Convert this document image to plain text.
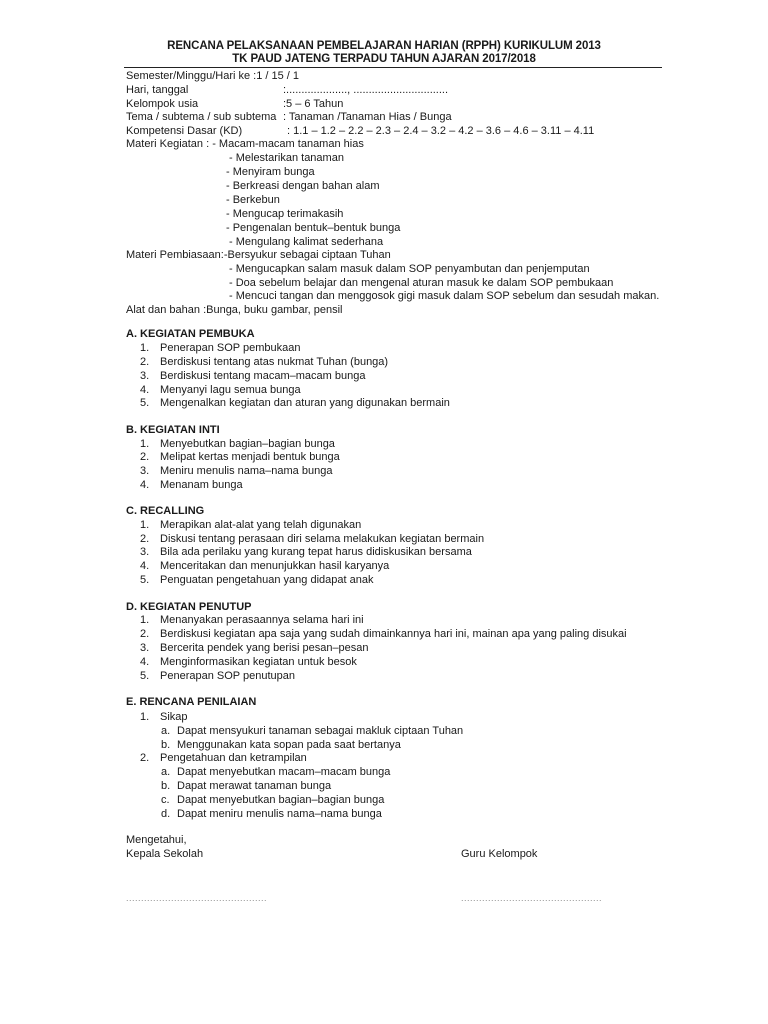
RENCANA PELAKSANAAN PEMBELAJARAN HARIAN (RPPH) KURIKULUM 2013
TK PAUD JATENG TERPADU TAHUN AJARAN 2017/2018
Semester/Minggu/Hari ke :1 / 15 / 1
Hari, tanggal	:...................., ...............................
Kelompok usia	:5 – 6 Tahun
Tema / subtema / sub subtema : Tanaman /Tanaman Hias / Bunga
Kompetensi Dasar (KD)	: 1.1 – 1.2 – 2.2 – 2.3 – 2.4 – 3.2 – 4.2 – 3.6 – 4.6 – 3.11 – 4.11
Materi Kegiatan : - Macam-macam tanaman hias
- Melestarikan tanaman
- Menyiram bunga
- Berkreasi dengan bahan alam
- Berkebun
- Mengucap terimakasih
- Pengenalan bentuk–bentuk bunga
- Mengulang kalimat sederhana
Materi Pembiasaan:-Bersyukur sebagai ciptaan Tuhan
- Mengucapkan salam masuk dalam SOP penyambutan dan penjemputan
- Doa sebelum belajar dan mengenal aturan masuk ke dalam SOP pembukaan
- Mencuci tangan dan menggosok gigi masuk dalam SOP sebelum dan sesudah makan.
Alat dan bahan :Bunga, buku gambar, pensil
A. KEGIATAN PEMBUKA
1. Penerapan SOP pembukaan
2. Berdiskusi tentang atas nukmat Tuhan (bunga)
3. Berdiskusi tentang macam–macam bunga
4. Menyanyi lagu semua bunga
5. Mengenalkan kegiatan dan aturan yang digunakan bermain
B. KEGIATAN INTI
1. Menyebutkan bagian–bagian bunga
2. Melipat kertas menjadi bentuk bunga
3. Meniru menulis nama–nama bunga
4. Menanam bunga
C. RECALLING
1. Merapikan alat-alat yang telah digunakan
2. Diskusi tentang perasaan diri selama melakukan kegiatan bermain
3. Bila ada perilaku yang kurang tepat harus didiskusikan bersama
4. Menceritakan dan menunjukkan hasil karyanya
5. Penguatan pengetahuan yang didapat anak
D. KEGIATAN PENUTUP
1. Menanyakan perasaannya selama hari ini
2. Berdiskusi kegiatan apa saja yang sudah dimainkannya hari ini, mainan apa yang paling disukai
3. Bercerita pendek yang berisi pesan–pesan
4. Menginformasikan kegiatan untuk besok
5. Penerapan SOP penutupan
E. RENCANA PENILAIAN
1. Sikap
a. Dapat mensyukuri tanaman sebagai makluk ciptaan Tuhan
b. Menggunakan kata sopan pada saat bertanya
2. Pengetahuan dan ketrampilan
a. Dapat menyebutkan macam–macam bunga
b. Dapat merawat tanaman bunga
c. Dapat menyebutkan bagian–bagian bunga
d. Dapat meniru menulis nama–nama bunga
Mengetahui,
Kepala Sekolah	Guru Kelompok
...............................................	...............................................
